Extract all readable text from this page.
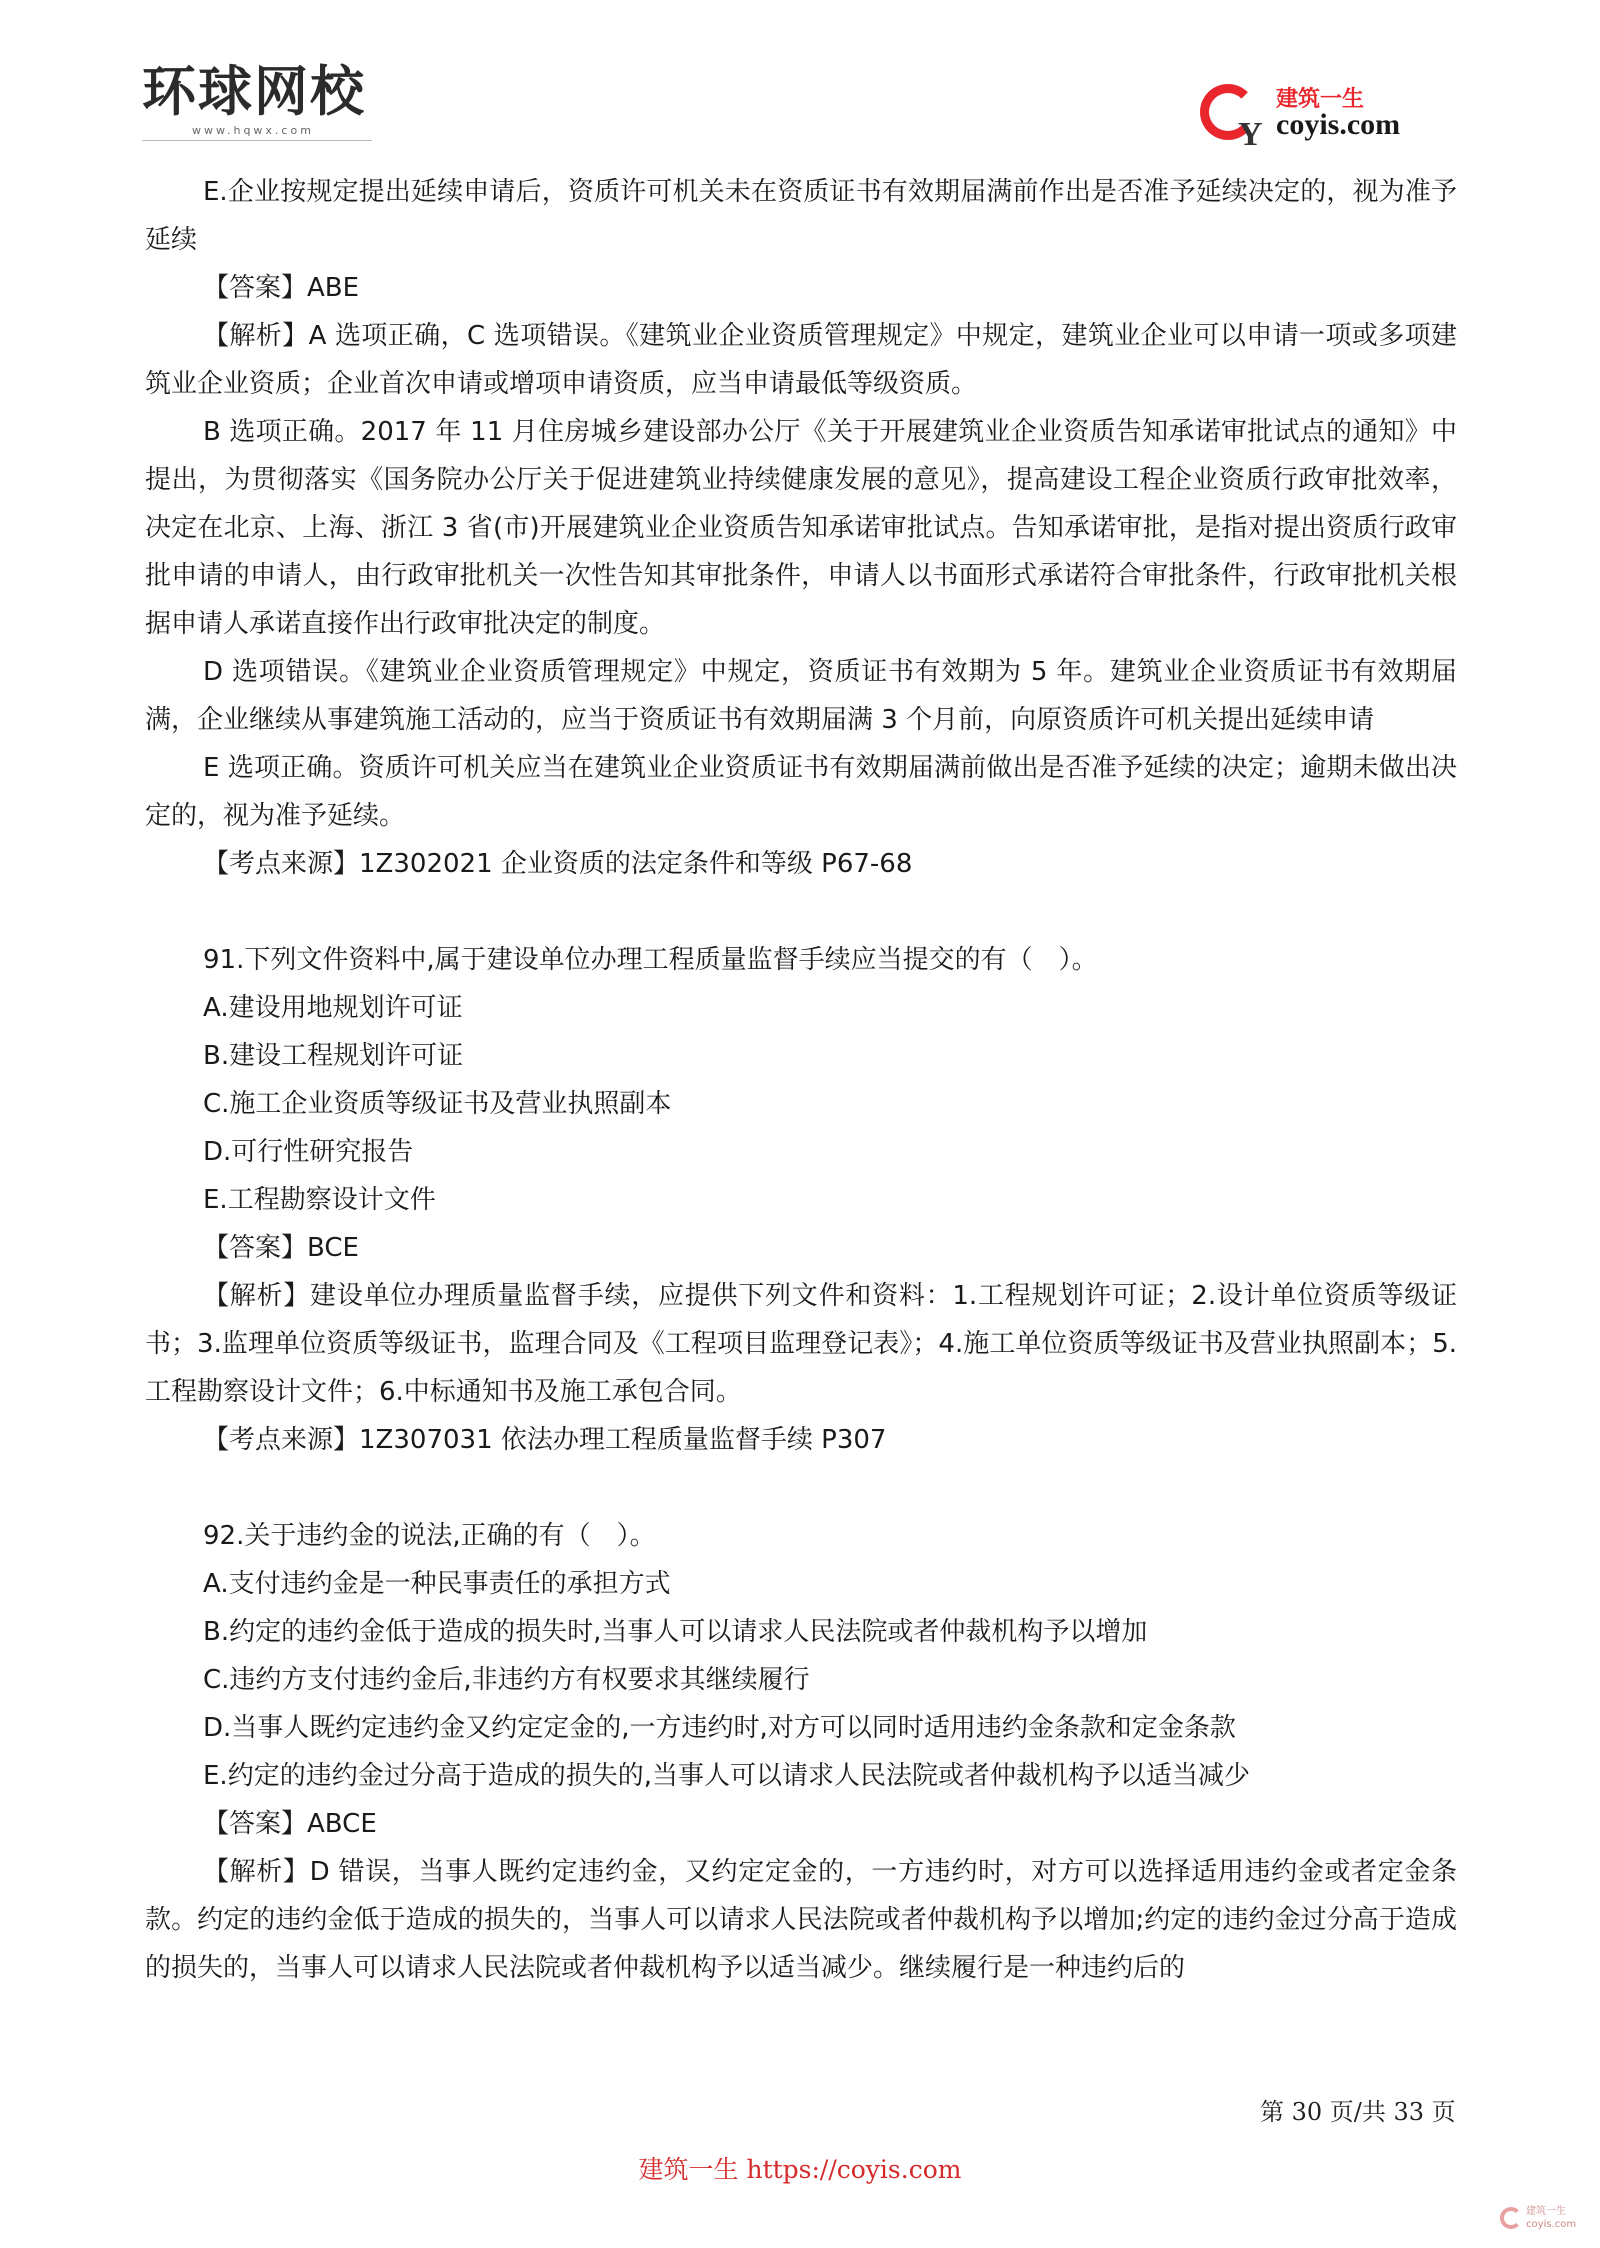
环球网校
www.hqwx.com	Y
建筑一生
coyis.com

E.企业按规定提出延续申请后，资质许可机关未在资质证书有效期届满前作出是否准予延续决定的，视为准予延续

【答案】ABE

【解析】A 选项正确，C 选项错误。《建筑业企业资质管理规定》中规定，建筑业企业可以申请一项或多项建筑业企业资质；企业首次申请或增项申请资质，应当申请最低等级资质。

B 选项正确。2017 年 11 月住房城乡建设部办公厅《关于开展建筑业企业资质告知承诺审批试点的通知》中提出，为贯彻落实《国务院办公厅关于促进建筑业持续健康发展的意见》，提高建设工程企业资质行政审批效率，决定在北京、上海、浙江 3 省(市)开展建筑业企业资质告知承诺审批试点。告知承诺审批，是指对提出资质行政审批申请的申请人，由行政审批机关一次性告知其审批条件，申请人以书面形式承诺符合审批条件，行政审批机关根据申请人承诺直接作出行政审批决定的制度。

D 选项错误。《建筑业企业资质管理规定》中规定，资质证书有效期为 5 年。建筑业企业资质证书有效期届满，企业继续从事建筑施工活动的，应当于资质证书有效期届满 3 个月前，向原资质许可机关提出延续申请

E 选项正确。资质许可机关应当在建筑业企业资质证书有效期届满前做出是否准予延续的决定；逾期未做出决定的，视为准予延续。

【考点来源】1Z302021 企业资质的法定条件和等级 P67-68

91.下列文件资料中,属于建设单位办理工程质量监督手续应当提交的有（　）。

A.建设用地规划许可证

B.建设工程规划许可证

C.施工企业资质等级证书及营业执照副本

D.可行性研究报告

E.工程勘察设计文件

【答案】BCE

【解析】建设单位办理质量监督手续，应提供下列文件和资料：1.工程规划许可证；2.设计单位资质等级证书；3.监理单位资质等级证书，监理合同及《工程项目监理登记表》；4.施工单位资质等级证书及营业执照副本；5.工程勘察设计文件；6.中标通知书及施工承包合同。

【考点来源】1Z307031 依法办理工程质量监督手续 P307

92.关于违约金的说法,正确的有（　）。

A.支付违约金是一种民事责任的承担方式

B.约定的违约金低于造成的损失时,当事人可以请求人民法院或者仲裁机构予以增加

C.违约方支付违约金后,非违约方有权要求其继续履行

D.当事人既约定违约金又约定定金的,一方违约时,对方可以同时适用违约金条款和定金条款

E.约定的违约金过分高于造成的损失的,当事人可以请求人民法院或者仲裁机构予以适当减少

【答案】ABCE

【解析】D 错误，当事人既约定违约金，又约定定金的，一方违约时，对方可以选择适用违约金或者定金条款。约定的违约金低于造成的损失的，当事人可以请求人民法院或者仲裁机构予以增加;约定的违约金过分高于造成的损失的，当事人可以请求人民法院或者仲裁机构予以适当减少。继续履行是一种违约后的

第 30 页/共 33 页
建筑一生 https://coyis.com
建筑一生
coyis.com
